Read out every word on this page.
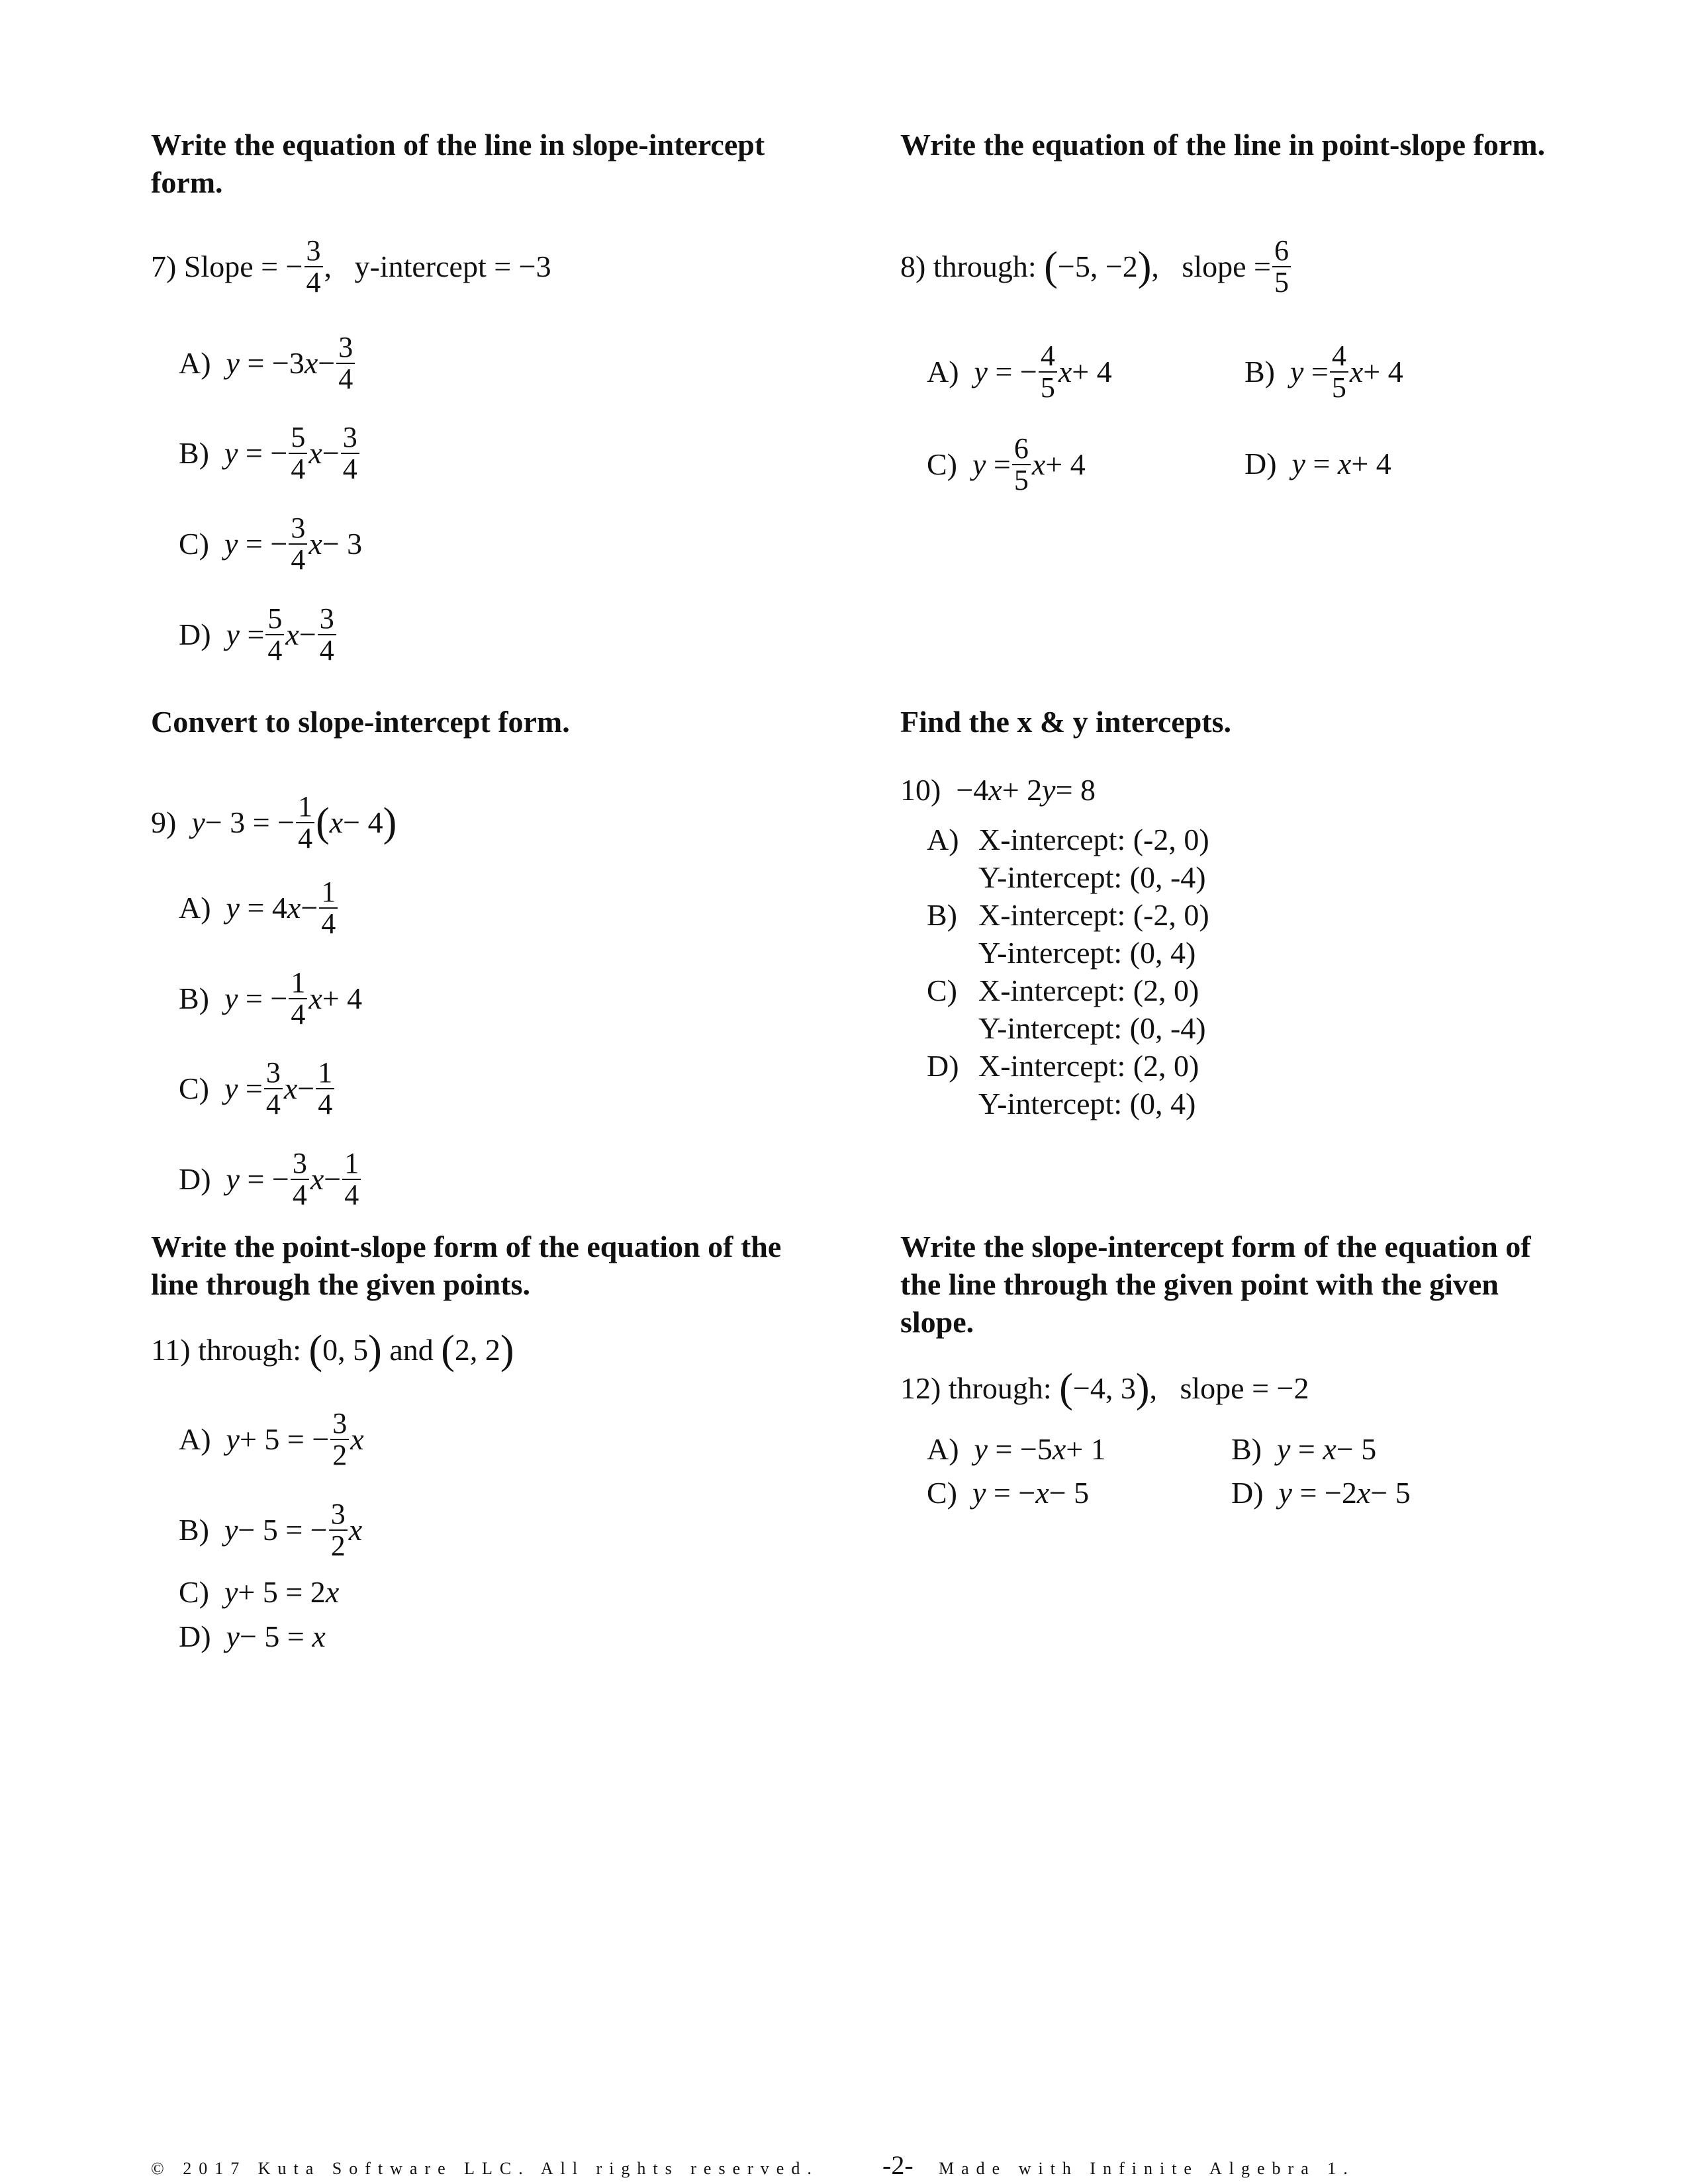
Write the equation of the line in slope-intercept form.
Write the equation of the line in point-slope form.
Convert to slope-intercept form.	Find the x & y intercepts.
Write the point-slope form of the equation of the line through the given points.
Write the slope-intercept form of the equation of the line through the given point with the given slope.
7)
Slope = − $\frac{3}{4}$ ,
y-intercept = −3
A)
y
= −3 $x - \frac{3}{4}$
B)
y
= − $\frac{5}{4}$ $x - \frac{3}{4}$
C)
y
= − $\frac{3}{4}$ x − 3
D)
y
= $\frac{5}{4}$ $x - \frac{3}{4}$
8)
through:
( −5, −2 ) ,
slope = $\frac{6}{5}$
A)
y
= − $\frac{4}{5}$ x + 4	B)
y
= $\frac{4}{5}$ x + 4
C)
y
= $\frac{6}{5}$ x + 4	D)
y
=
x + 4
9)
y − 3 = − $\frac{1}{4}$ ( x − 4 )
A)
y
= 4 $x - \frac{1}{4}$
B)
y
= − $\frac{1}{4}$ x + 4
C)
y
= $\frac{3}{4}$ $x - \frac{1}{4}$
D)
y
= − $\frac{3}{4}$ $x - \frac{1}{4}$
10)
−4 x + 2 y = 8
A) X-intercept: (-2, 0)
Y-intercept: (0, -4)
B) X-intercept: (-2, 0)
Y-intercept: (0, 4)
C) X-intercept: (2, 0)
Y-intercept: (0, -4)
D) X-intercept: (2, 0)
Y-intercept: (0, 4)
11)
through:
( 0, 5 )
and
( 2, 2 )
A)
y + 5 = − $\frac{3}{2}$ x
B)
y − 5 = − $\frac{3}{2}$ x
C)
y + 5 = 2 x
D)
y − 5 =
x
12)
through:
( −4, 3 ) ,
slope = −2
A)
y
= −5 x + 1	B)
y
=
x − 5
C)
y
= − x − 5	D)
y
= −2 x − 5
© 2017 Kuta Software LLC. All rights reserved. -2- Made with Infinite Algebra 1.
